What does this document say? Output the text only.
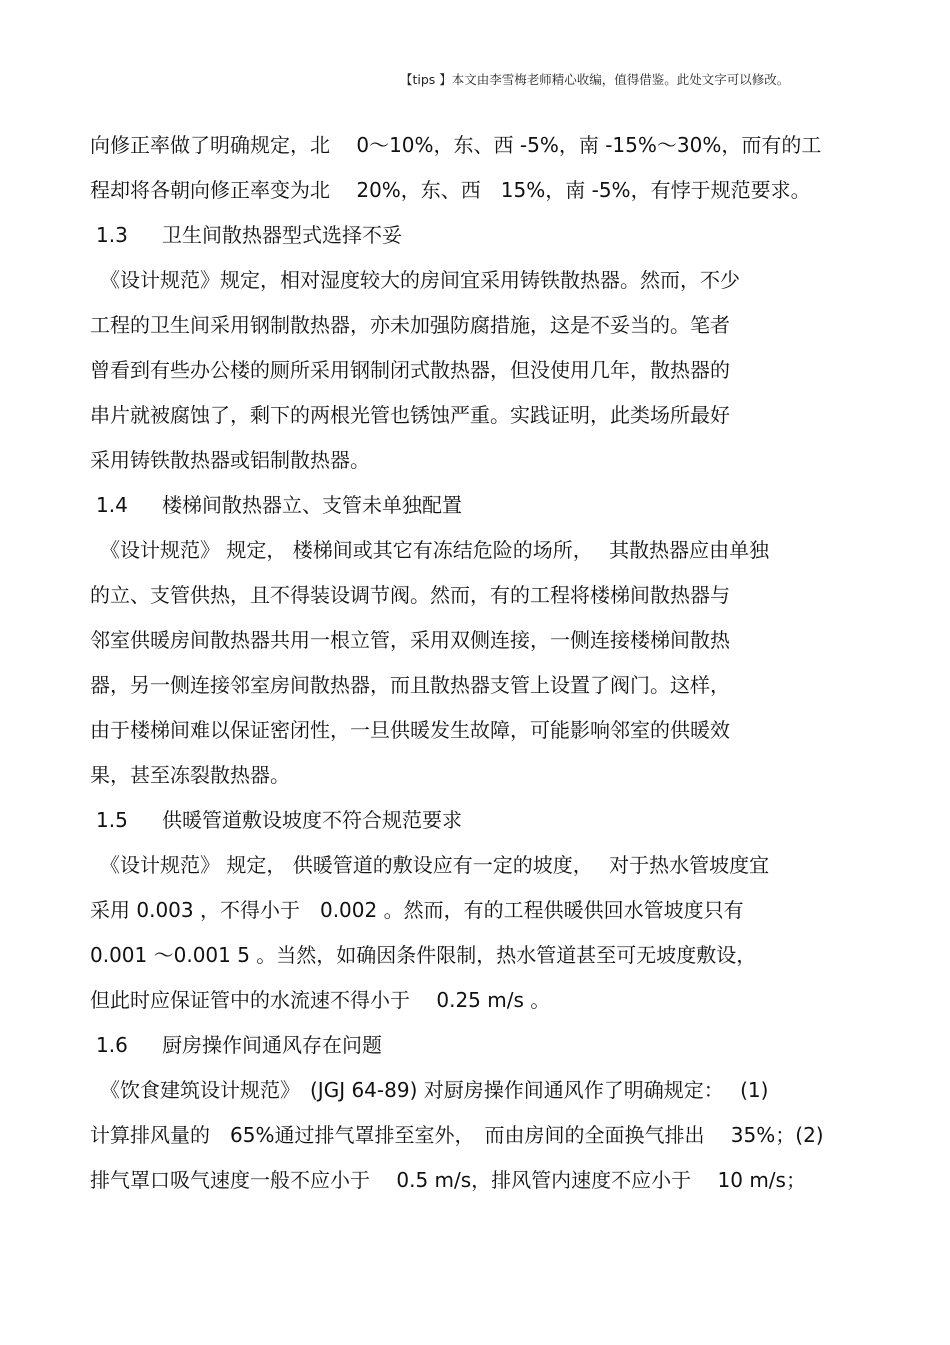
【tips 】本文由李雪梅老师精心收编，值得借鉴。此处文字可以修改。
向修正率做了明确规定，北　 0～10%，东、西 -5%，南 -15%～30%，而有的工
程却将各朝向修正率变为北　 20%，东、西　15%，南 -5%，有悖于规范要求。
1.3 卫生间散热器型式选择不妥
《设计规范》规定，相对湿度较大的房间宜采用铸铁散热器。然而，不少
工程的卫生间采用钢制散热器，亦未加强防腐措施，这是不妥当的。笔者
曾看到有些办公楼的厕所采用钢制闭式散热器，但没使用几年，散热器的
串片就被腐蚀了，剩下的两根光管也锈蚀严重。实践证明，此类场所最好
采用铸铁散热器或铝制散热器。
1.4 楼梯间散热器立、支管未单独配置
《设计规范》 规定， 楼梯间或其它有冻结危险的场所，　 其散热器应由单独
的立、支管供热，且不得装设调节阀。然而，有的工程将楼梯间散热器与
邻室供暖房间散热器共用一根立管，采用双侧连接，一侧连接楼梯间散热
器，另一侧连接邻室房间散热器，而且散热器支管上设置了阀门。这样，
由于楼梯间难以保证密闭性，一旦供暖发生故障，可能影响邻室的供暖效
果，甚至冻裂散热器。
1.5 供暖管道敷设坡度不符合规范要求
《设计规范》 规定， 供暖管道的敷设应有一定的坡度，　 对于热水管坡度宜
采用 0.003 ，不得小于　0.002 。然而，有的工程供暖供回水管坡度只有
0.001 ～0.001 5 。当然，如确因条件限制，热水管道甚至可无坡度敷设，
但此时应保证管中的水流速不得小于　 0.25 m/s 。
1.6 厨房操作间通风存在问题
《饮食建筑设计规范》　(JGJ 64-89) 对厨房操作间通风作了明确规定：　 (1)
计算排风量的　65%通过排气罩排至室外，　而由房间的全面换气排出　 35%；(2)
排气罩口吸气速度一般不应小于　 0.5 m/s，排风管内速度不应小于　 10 m/s；
